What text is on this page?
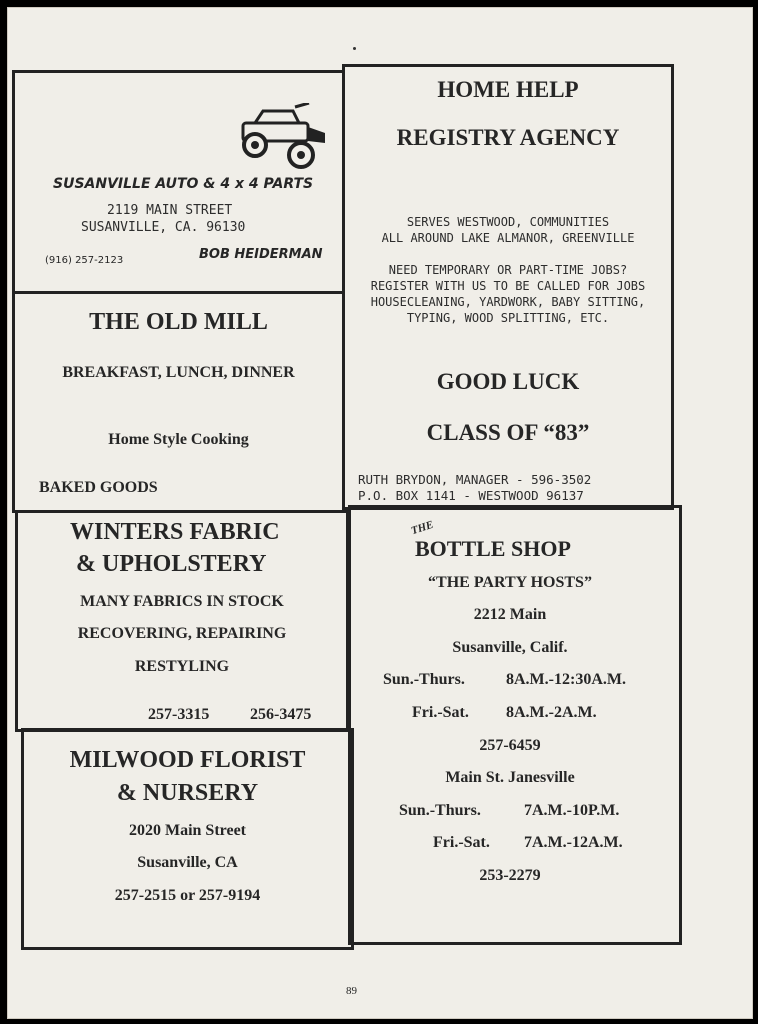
SUSANVILLE AUTO & 4 x 4 PARTS
2119 MAIN STREET
SUSANVILLE, CA. 96130
(916) 257-2123	BOB HEIDERMAN
THE OLD MILL
BREAKFAST, LUNCH, DINNER
Home Style Cooking
BAKED GOODS
HOME HELP
REGISTRY AGENCY
SERVES WESTWOOD, COMMUNITIES
ALL AROUND LAKE ALMANOR, GREENVILLE
NEED TEMPORARY OR PART-TIME JOBS?
REGISTER WITH US TO BE CALLED FOR JOBS
HOUSECLEANING, YARDWORK, BABY SITTING,
TYPING, WOOD SPLITTING, ETC.
GOOD LUCK
CLASS OF “83”
RUTH BRYDON, MANAGER - 596-3502
P.O. BOX 1141 - WESTWOOD 96137
WINTERS FABRIC
& UPHOLSTERY
MANY FABRICS IN STOCK
RECOVERING, REPAIRING
RESTYLING
257-3315	256-3475
MILWOOD FLORIST
& NURSERY
2020 Main Street
Susanville, CA
257-2515 or 257-9194
THE
BOTTLE SHOP
“THE PARTY HOSTS”
2212 Main
Susanville, Calif.
Sun.-Thurs.	8A.M.-12:30A.M.
Fri.-Sat. 8A.M.-2A.M.
257-6459
Main St. Janesville
Sun.-Thurs.	7A.M.-10P.M.
Fri.-Sat. 7A.M.-12A.M.
253-2279
89
